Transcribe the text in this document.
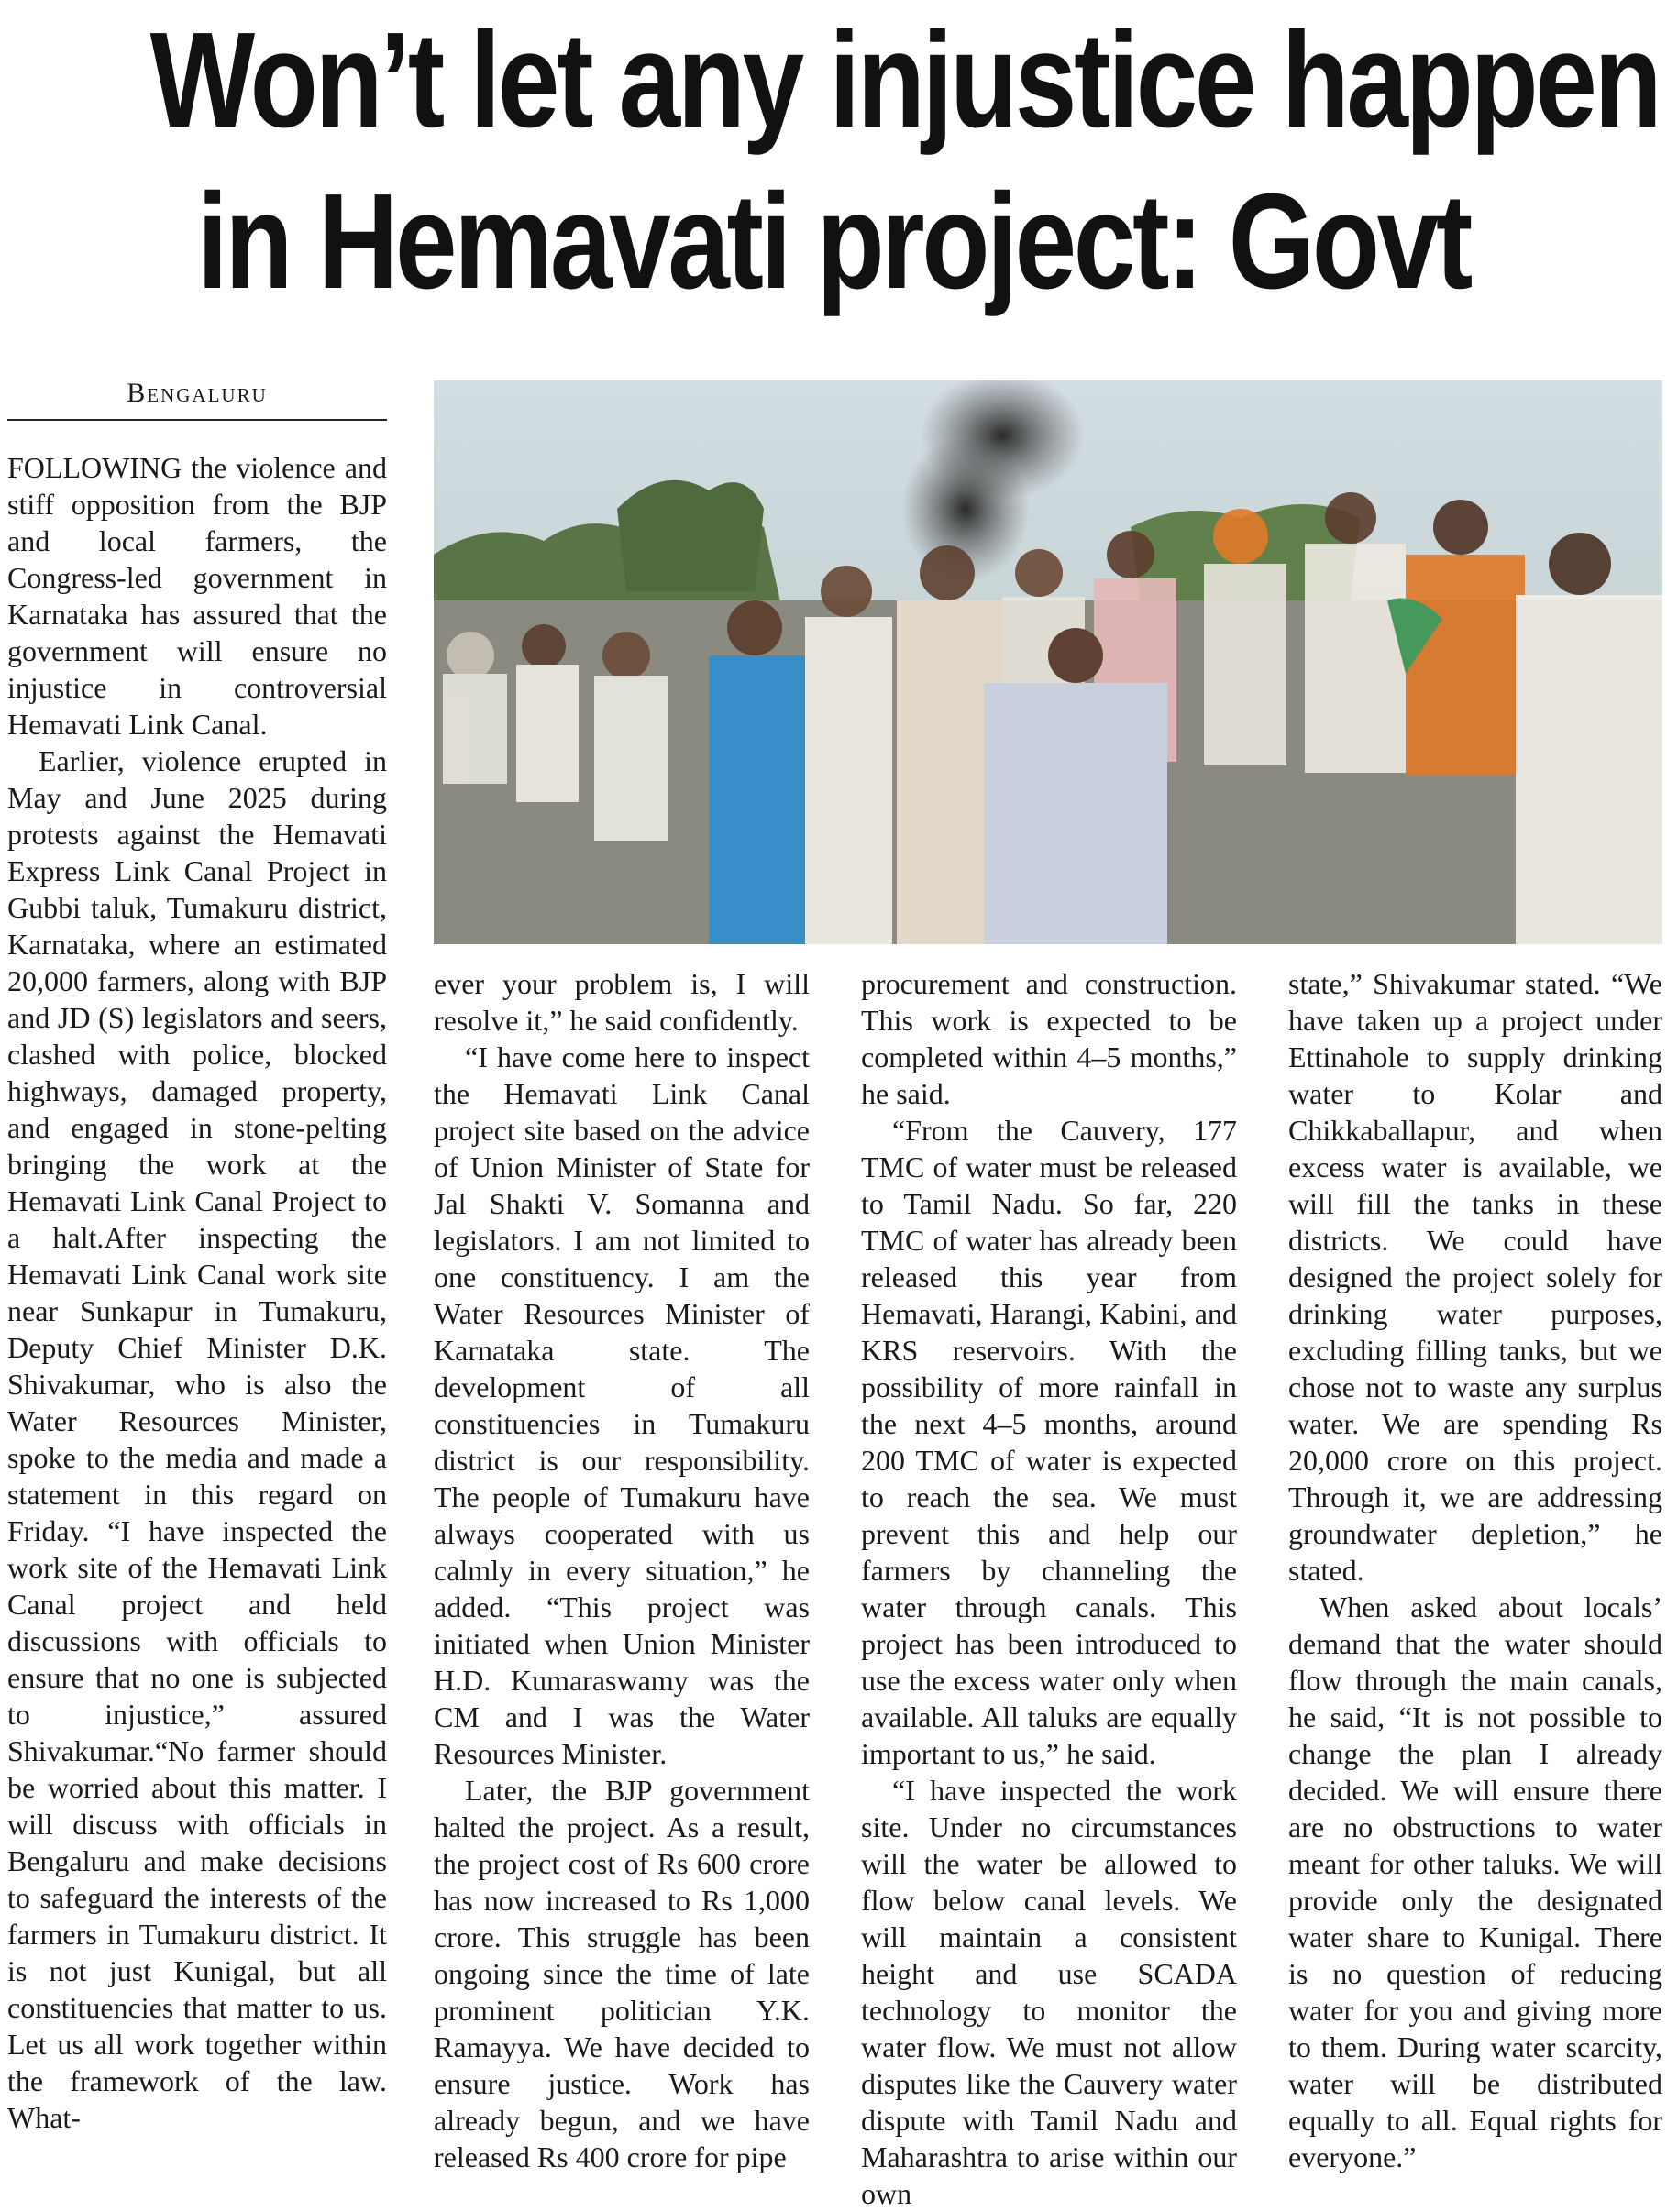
Won’t let any injustice happen
in Hemavati project: Govt
Bengaluru

FOLLOWING the violence and stiff opposition from the BJP and local farmers, the Congress-led government in Karnataka has assured that the government will ensure no injustice in controversial Hemavati Link Canal.

Earlier, violence erupted in May and June 2025 during protests against the Hemavati Express Link Canal Project in Gubbi taluk, Tumakuru district, Karnataka, where an estimated 20,000 farmers, along with BJP and JD (S) legislators and seers, clashed with police, blocked highways, damaged property, and engaged in stone-pelting bringing the work at the Hemavati Link Canal Project to a halt.After inspecting the Hemavati Link Canal work site near Sunkapur in Tumakuru, Deputy Chief Minister D.K. Shivakumar, who is also the Water Resources Minister, spoke to the media and made a statement in this regard on Friday. “I have inspected the work site of the Hemavati Link Canal project and held discussions with officials to ensure that no one is subjected to injustice,” assured Shivakumar.“No farmer should be worried about this matter. I will discuss with officials in Bengaluru and make decisions to safeguard the interests of the farmers in Tumakuru district. It is not just Kunigal, but all constituencies that matter to us. Let us all work together within the framework of the law. What-

ever your problem is, I will resolve it,” he said confidently.

“I have come here to inspect the Hemavati Link Canal project site based on the advice of Union Minister of State for Jal Shakti V. Somanna and legislators. I am not limited to one constituency. I am the Water Resources Minister of Karnataka state. The development of all constituencies in Tumakuru district is our responsibility. The people of Tumakuru have always cooperated with us calmly in every situation,” he added. “This project was initiated when Union Minister H.D. Kumaraswamy was the CM and I was the Water Resources Minister.

Later, the BJP government halted the project. As a result, the project cost of Rs 600 crore has now increased to Rs 1,000 crore. This struggle has been ongoing since the time of late prominent politician Y.K. Ramayya. We have decided to ensure justice. Work has already begun, and we have released Rs 400 crore for pipe

procurement and construction. This work is expected to be completed within 4–5 months,” he said.

“From the Cauvery, 177 TMC of water must be released to Tamil Nadu. So far, 220 TMC of water has already been released this year from Hemavati, Harangi, Kabini, and KRS reservoirs. With the possibility of more rainfall in the next 4–5 months, around 200 TMC of water is expected to reach the sea. We must prevent this and help our farmers by channeling the water through canals. This project has been introduced to use the excess water only when available. All taluks are equally important to us,” he said.

“I have inspected the work site. Under no circumstances will the water be allowed to flow below canal levels. We will maintain a consistent height and use SCADA technology to monitor the water flow. We must not allow disputes like the Cauvery water dispute with Tamil Nadu and Maharashtra to arise within our own

state,” Shivakumar stated. “We have taken up a project under Ettinahole to supply drinking water to Kolar and Chikkaballapur, and when excess water is available, we will fill the tanks in these districts. We could have designed the project solely for drinking water purposes, excluding filling tanks, but we chose not to waste any surplus water. We are spending Rs 20,000 crore on this project. Through it, we are addressing groundwater depletion,” he stated.

When asked about locals’ demand that the water should flow through the main canals, he said, “It is not possible to change the plan I already decided. We will ensure there are no obstructions to water meant for other taluks. We will provide only the designated water share to Kunigal. There is no question of reducing water for you and giving more to them. During water scarcity, water will be distributed equally to all. Equal rights for everyone.”
